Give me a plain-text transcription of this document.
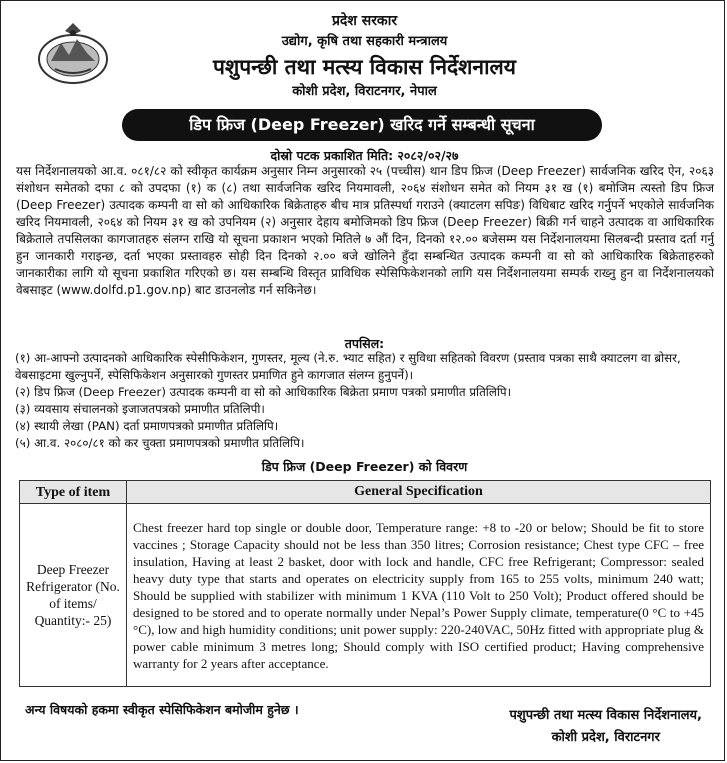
प्रदेश सरकार
उद्योग, कृषि तथा सहकारी मन्त्रालय
पशुपन्छी तथा मत्स्य विकास निर्देशनालय
कोशी प्रदेश, विराटनगर, नेपाल
डिप फ्रिज (Deep Freezer) खरिद गर्ने सम्बन्धी सूचना
दोस्रो पटक प्रकाशित मिति: २०८२/०२/२७
यस निर्देशनालयको आ.व. ०८१/८२ को स्वीकृत कार्यक्रम अनुसार निम्न अनुसारको २५ (पच्चीस) थान डिप फ्रिज (Deep Freezer) सार्वजनिक खरिद ऐन, २०६३ संशोधन समेतको दफा ८ को उपदफा (१) क (८) तथा सार्वजनिक खरिद नियमावली, २०६४ संशोधन समेत को नियम ३१ ख (१) बमोजिम त्यस्तो डिप फ्रिज (Deep Freezer) उत्पादक कम्पनी वा सो को आधिकारिक बिक्रेताहरु बीच मात्र प्रतिस्पर्धा गराउने (क्याटलग सपिङ) विधिबाट खरिद गर्नुपर्ने भएकोले सार्वजनिक खरिद नियमावली, २०६४ को नियम ३१ ख को उपनियम (२) अनुसार देहाय बमोजिमको डिप फ्रिज (Deep Freezer) बिक्री गर्न चाहने उत्पादक वा आधिकारिक बिक्रेताले तपसिलका कागजातहरु संलग्न राखि यो सूचना प्रकाशन भएको मितिले ७ औं दिन, दिनको १२.०० बजेसम्म यस निर्देशनालयमा सिलबन्दी प्रस्ताव दर्ता गर्नु हुन जानकारी गराइन्छ, दर्ता भएका प्रस्तावहरु सोही दिन दिनको २.०० बजे खोलिने हुँदा सम्बन्धित उत्पादक कम्पनी वा सो को आधिकारिक बिक्रेताहरुको जानकारीका लागि यो सूचना प्रकाशित गरिएको छ। यस सम्बन्धि विस्तृत प्राविधिक स्पेसिफिकेशनको लागि यस निर्देशनालयमा सम्पर्क राख्नु हुन वा निर्देशनालयको वेबसाइट (www.dolfd.p1.gov.np) बाट डाउनलोड गर्न सकिनेछ।
तपसिल:
(१) आ-आफ्नो उत्पादनको आधिकारिक स्पेसीफिकेशन, गुणस्तर, मूल्य (ने.रु. भ्याट सहित) र सुविधा सहितको विवरण (प्रस्ताव पत्रका साथै क्याटलग वा ब्रोसर, वेबसाइटमा खुल्नुपर्ने, स्पेसिफिकेशन अनुसारको गुणस्तर प्रमाणित हुने कागजात संलग्न हुनुपर्ने)।
(२) डिप फ्रिज (Deep Freezer) उत्पादक कम्पनी वा सो को आधिकारिक बिक्रेता प्रमाण पत्रको प्रमाणीत प्रतिलिपि।
(३) व्यवसाय संचालनको इजाजतपत्रको प्रमाणीत प्रतिलिपी।
(४) स्थायी लेखा (PAN) दर्ता प्रमाणपत्रको प्रमाणीत प्रतिलिपि।
(५) आ.व. २०८०/८१ को कर चुक्ता प्रमाणपत्रको प्रमाणीत प्रतिलिपि।
डिप फ्रिज (Deep Freezer) को विवरण
Type of item	General Specification
Deep Freezer Refrigerator (No. of items/ Quantity:- 25)	Chest freezer hard top single or double door, Temperature range: +8 to -20 or below; Should be fit to store vaccines ; Storage Capacity should not be less than 350 litres; Corrosion resistance; Chest type CFC – free insulation, Having at least 2 basket, door with lock and handle, CFC free Refrigerant; Compressor: sealed heavy duty type that starts and operates on electricity supply from 165 to 255 volts, minimum 240 watt; Should be supplied with stabilizer with minimum 1 KVA (110 Volt to 250 Volt); Product offered should be designed to be stored and to operate normally under Nepal’s Power Supply climate, temperature(0 °C to +45 °C), low and high humidity conditions; unit power supply: 220-240VAC, 50Hz fitted with appropriate plug & power cable minimum 3 metres long; Should comply with ISO certified product; Having comprehensive warranty for 2 years after acceptance.
अन्य विषयको हकमा स्वीकृत स्पेसिफिकेशन बमोजीम हुनेछ ।	पशुपन्छी तथा मत्स्य विकास निर्देशनालय,
कोशी प्रदेश, विराटनगर
